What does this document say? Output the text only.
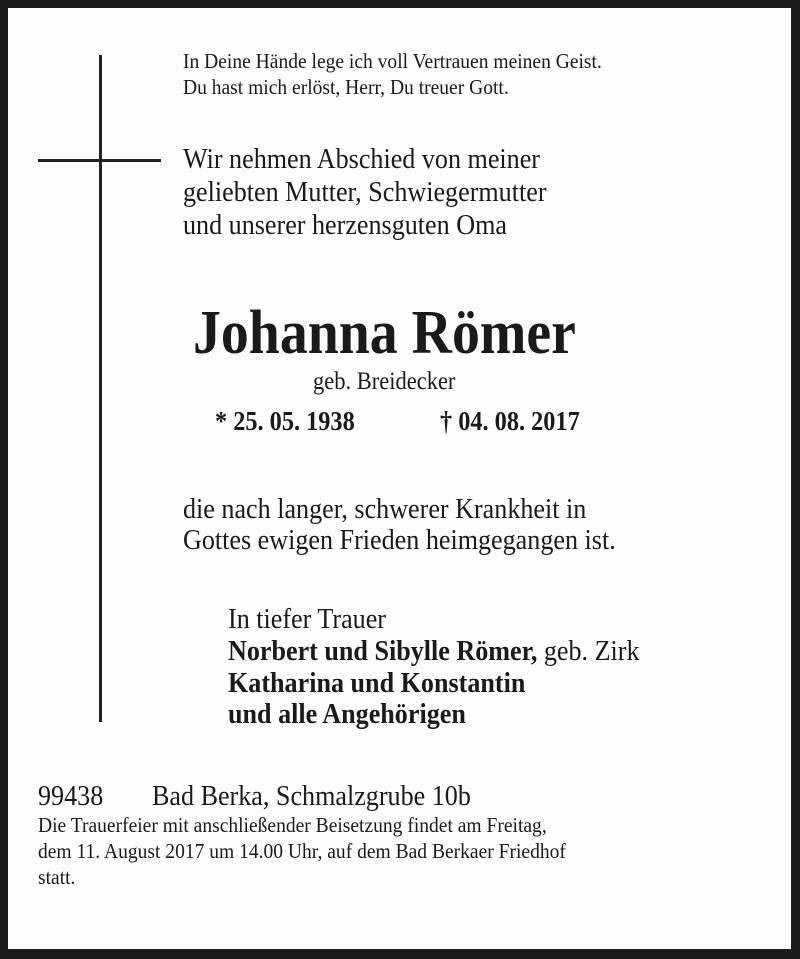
In Deine Hände lege ich voll Vertrauen meinen Geist.

Du hast mich erlöst, Herr, Du treuer Gott.

Wir nehmen Abschied von meiner

geliebten Mutter, Schwiegermutter

und unserer herzensguten Oma

Johanna Römer

geb. Breidecker

* 25. 05. 1938	† 04. 08. 2017

die nach langer, schwerer Krankheit in

Gottes ewigen Frieden heimgegangen ist.

In tiefer Trauer

Norbert und Sibylle Römer, geb. Zirk

Katharina und Konstantin

und alle Angehörigen

99438 Bad Berka, Schmalzgrube 10b

Die Trauerfeier mit anschließender Beisetzung findet am Freitag,

dem 11. August 2017 um 14.00 Uhr, auf dem Bad Berkaer Friedhof

statt.
